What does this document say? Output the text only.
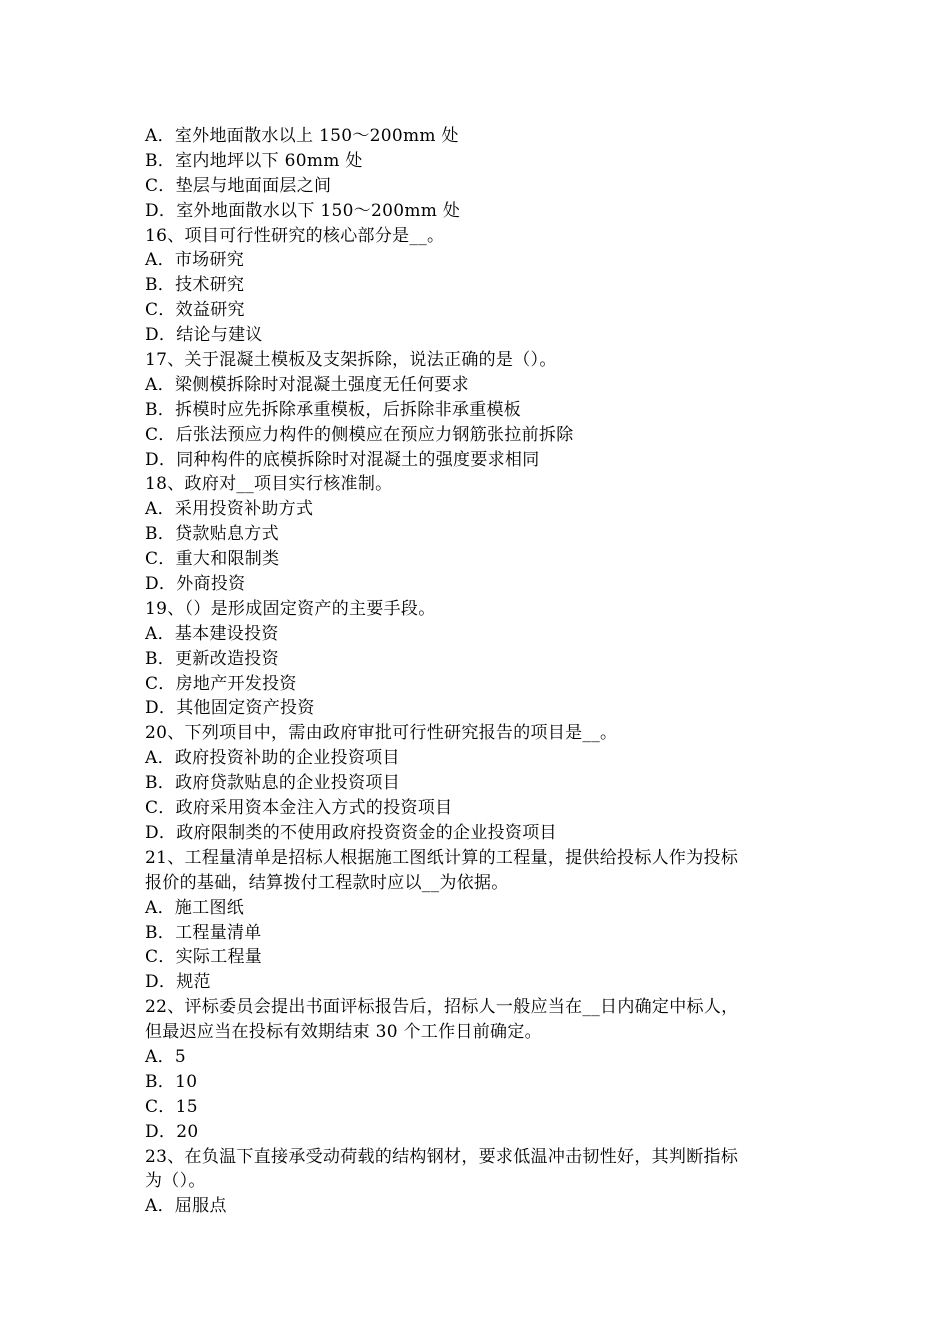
A．室外地面散水以上 150～200mm 处
B．室内地坪以下 60mm 处
C．垫层与地面面层之间
D．室外地面散水以下 150～200mm 处
16、项目可行性研究的核心部分是__。
A．市场研究
B．技术研究
C．效益研究
D．结论与建议
17、关于混凝土模板及支架拆除，说法正确的是（）。
A．梁侧模拆除时对混凝土强度无任何要求
B．拆模时应先拆除承重模板，后拆除非承重模板
C．后张法预应力构件的侧模应在预应力钢筋张拉前拆除
D．同种构件的底模拆除时对混凝土的强度要求相同
18、政府对__项目实行核准制。
A．采用投资补助方式
B．贷款贴息方式
C．重大和限制类
D．外商投资
19、（）是形成固定资产的主要手段。
A．基本建设投资
B．更新改造投资
C．房地产开发投资
D．其他固定资产投资
20、下列项目中，需由政府审批可行性研究报告的项目是__。
A．政府投资补助的企业投资项目
B．政府贷款贴息的企业投资项目
C．政府采用资本金注入方式的投资项目
D．政府限制类的不使用政府投资资金的企业投资项目
21、工程量清单是招标人根据施工图纸计算的工程量，提供给投标人作为投标
报价的基础，结算拨付工程款时应以__为依据。
A．施工图纸
B．工程量清单
C．实际工程量
D．规范
22、评标委员会提出书面评标报告后，招标人一般应当在__日内确定中标人，
但最迟应当在投标有效期结束 30 个工作日前确定。
A．5
B．10
C．15
D．20
23、在负温下直接承受动荷载的结构钢材，要求低温冲击韧性好，其判断指标
为（）。
A．屈服点
